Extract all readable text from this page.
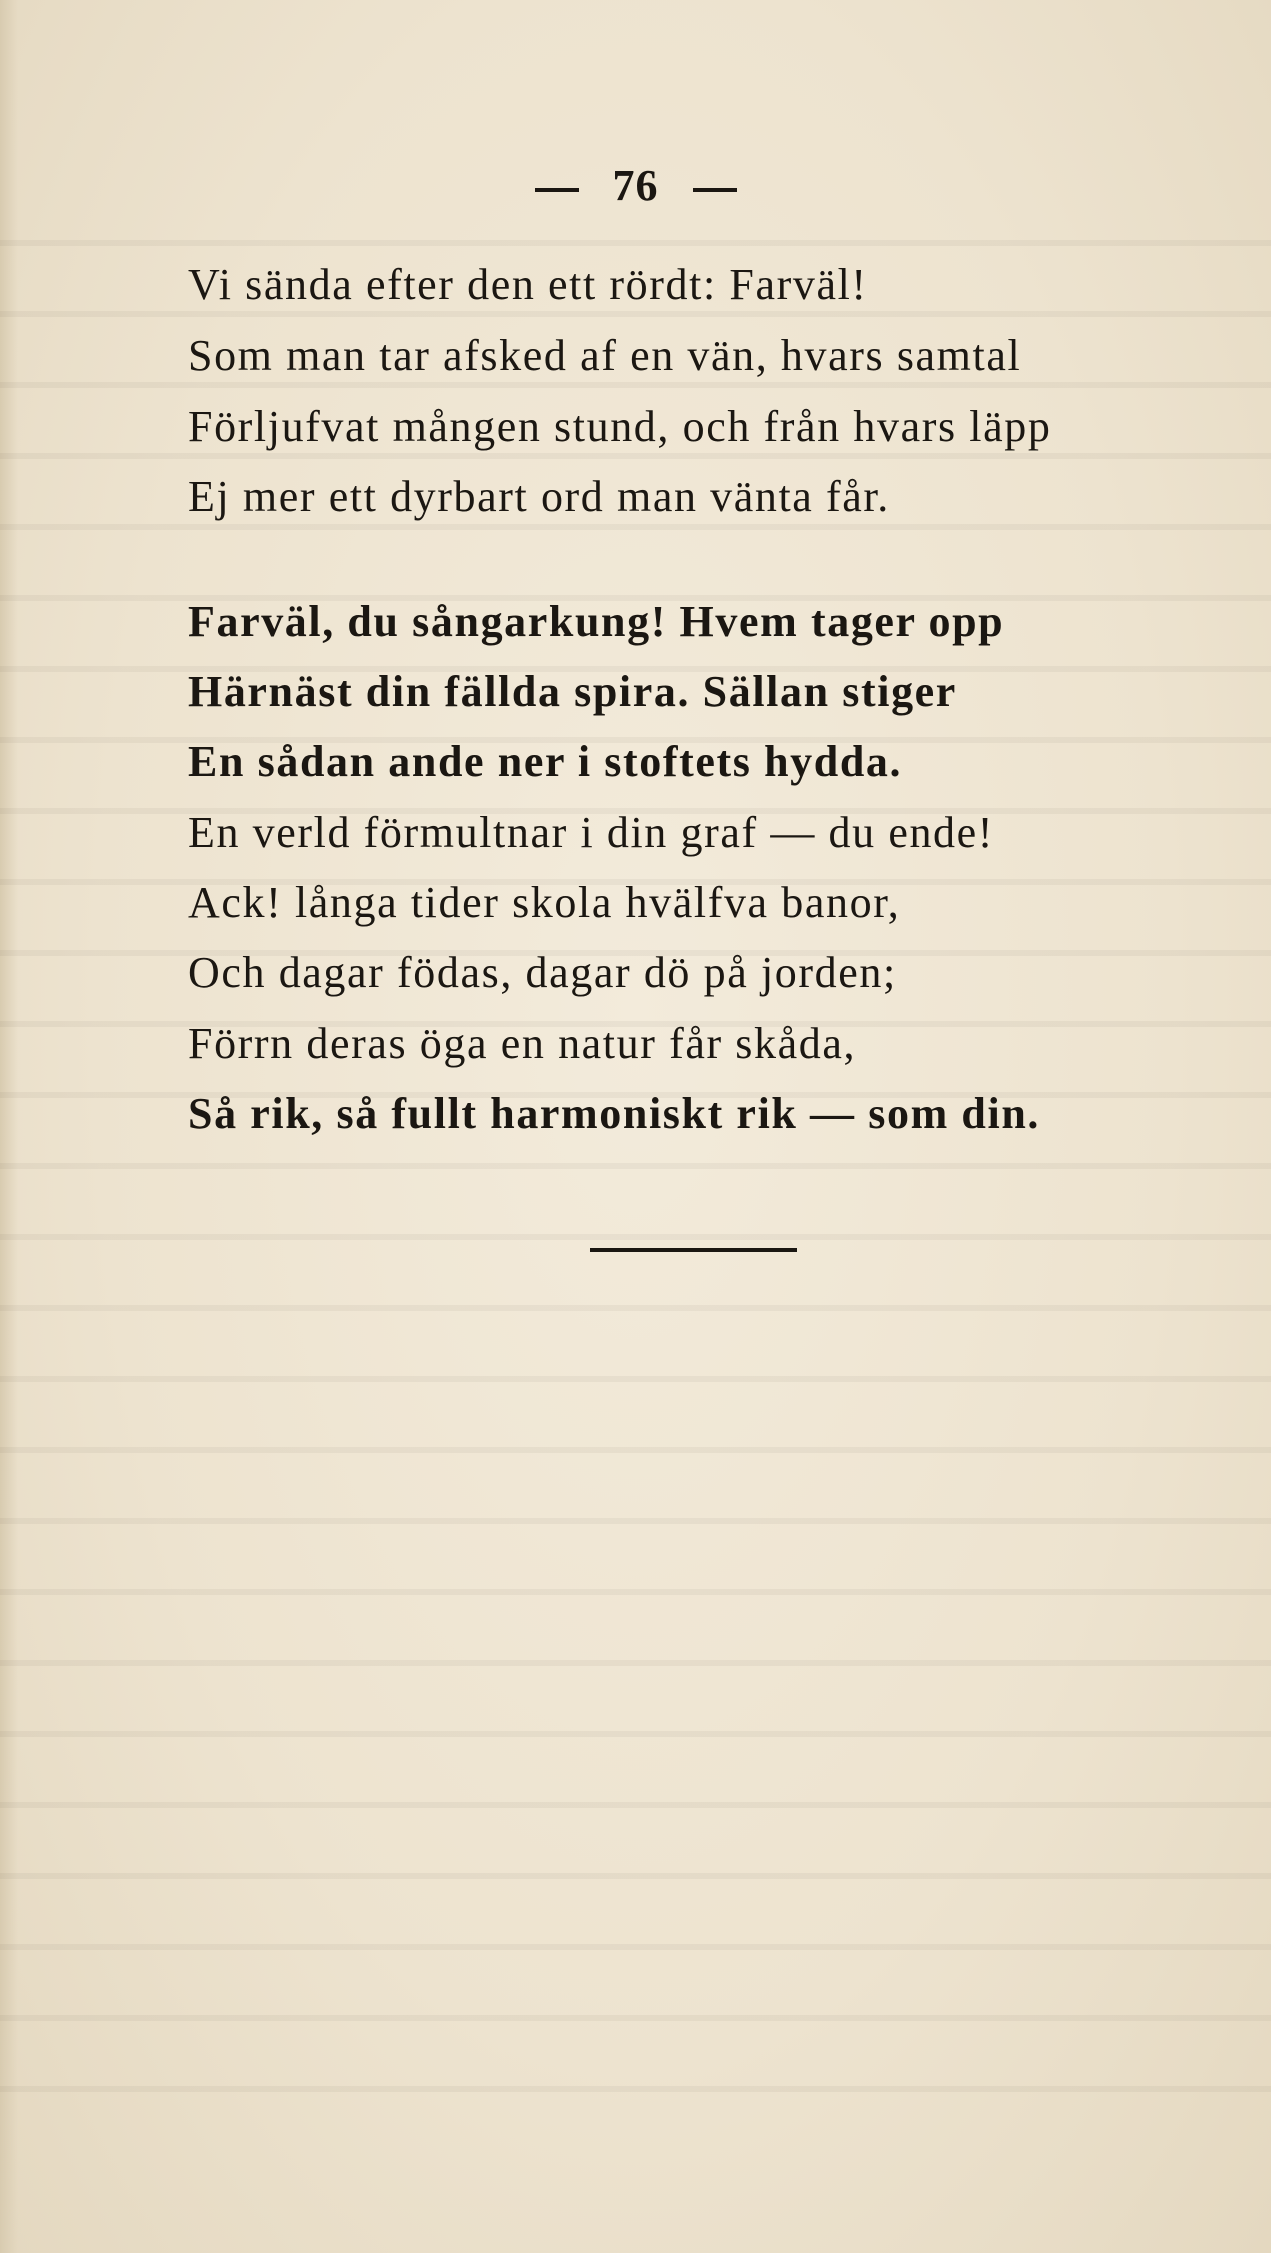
76
Vi sända efter den ett rördt: Farväl!
Som man tar afsked af en vän, hvars samtal
Förljufvat mången stund, och från hvars läpp
Ej mer ett dyrbart ord man vänta får.
Farväl, du sångarkung! Hvem tager opp
Härnäst din fällda spira. Sällan stiger
En sådan ande ner i stoftets hydda.
En verld förmultnar i din graf — du ende!
Ack! långa tider skola hvälfva banor,
Och dagar födas, dagar dö på jorden;
Förrn deras öga en natur får skåda,
Så rik, så fullt harmoniskt rik — som din.
